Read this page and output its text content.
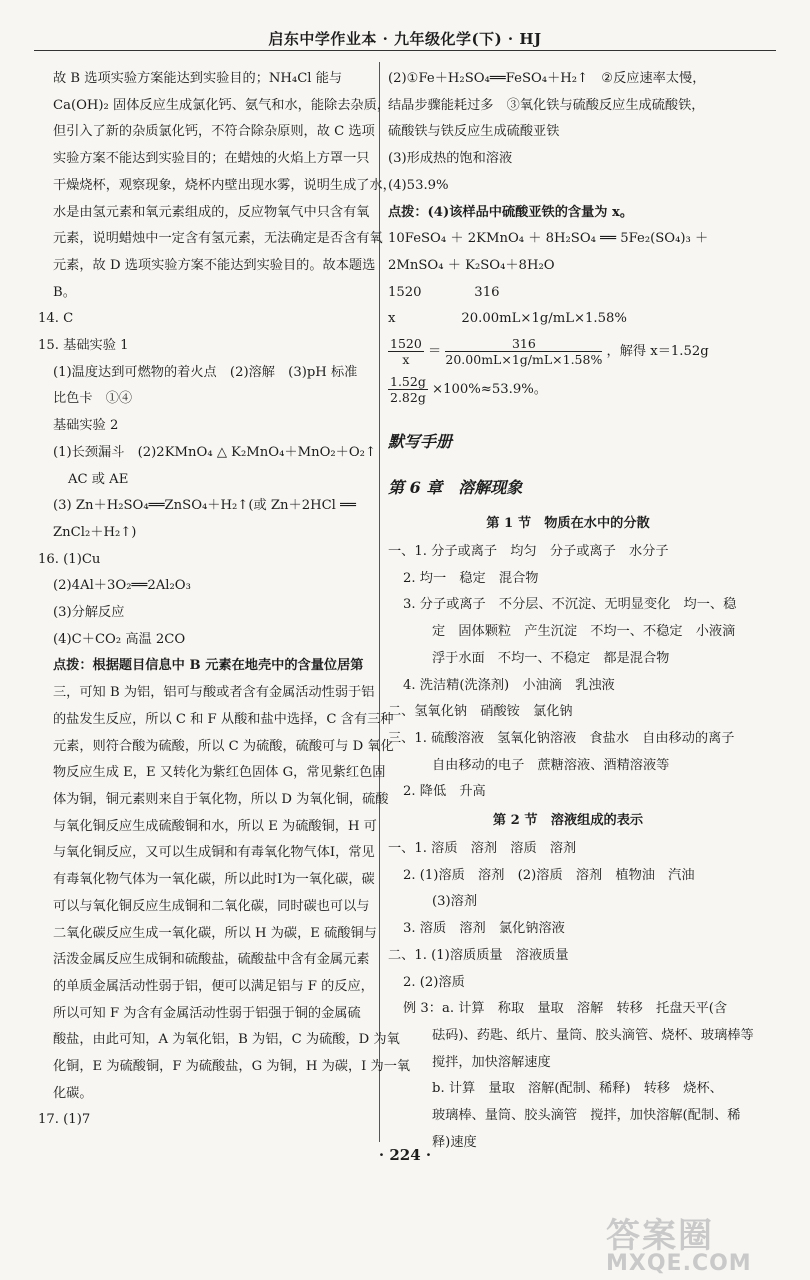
启东中学作业本 · 九年级化学(下) · HJ
故 B 选项实验方案能达到实验目的；NH₄Cl 能与
Ca(OH)₂ 固体反应生成氯化钙、氨气和水，能除去杂质，
但引入了新的杂质氯化钙，不符合除杂原则，故 C 选项
实验方案不能达到实验目的；在蜡烛的火焰上方罩一只
干燥烧杯，观察现象，烧杯内壁出现水雾，说明生成了水，
水是由氢元素和氧元素组成的，反应物氧气中只含有氧
元素，说明蜡烛中一定含有氢元素，无法确定是否含有氧
元素，故 D 选项实验方案不能达到实验目的。故本题选
B。
14. C
15. 基础实验 1
(1)温度达到可燃物的着火点　(2)溶解　(3)pH 标准
比色卡　①④
基础实验 2
(1)长颈漏斗　(2)2KMnO₄ △ K₂MnO₄＋MnO₂＋O₂↑
AC 或 AE
(3) Zn＋H₂SO₄══ZnSO₄＋H₂↑(或 Zn＋2HCl ══
ZnCl₂＋H₂↑)
16. (1)Cu
(2)4Al＋3O₂══2Al₂O₃
(3)分解反应
(4)C＋CO₂ 高温 2CO
点拨：根据题目信息中 B 元素在地壳中的含量位居第
三，可知 B 为铝，铝可与酸或者含有金属活动性弱于铝
的盐发生反应，所以 C 和 F 从酸和盐中选择，C 含有三种
元素，则符合酸为硫酸，所以 C 为硫酸，硫酸可与 D 氧化
物反应生成 E，E 又转化为紫红色固体 G，常见紫红色固
体为铜，铜元素则来自于氧化物，所以 D 为氧化铜，硫酸
与氧化铜反应生成硫酸铜和水，所以 E 为硫酸铜，H 可
与氧化铜反应，又可以生成铜和有毒氧化物气体Ⅰ，常见
有毒氧化物气体为一氧化碳，所以此时Ⅰ为一氧化碳，碳
可以与氧化铜反应生成铜和二氧化碳，同时碳也可以与
二氧化碳反应生成一氧化碳，所以 H 为碳，E 硫酸铜与
活泼金属反应生成铜和硫酸盐，硫酸盐中含有金属元素
的单质金属活动性弱于铝，便可以满足铝与 F 的反应，
所以可知 F 为含有金属活动性弱于铝强于铜的金属硫
酸盐，由此可知，A 为氧化铝，B 为铝，C 为硫酸，D 为氧
化铜，E 为硫酸铜，F 为硫酸盐，G 为铜，H 为碳，I 为一氧
化碳。
17. (1)7
(2)①Fe＋H₂SO₄══FeSO₄＋H₂↑　②反应速率太慢，
结晶步骤能耗过多　③氧化铁与硫酸反应生成硫酸铁，
硫酸铁与铁反应生成硫酸亚铁
(3)形成热的饱和溶液
(4)53.9%
点拨：(4)该样品中硫酸亚铁的含量为 x。
10FeSO₄ ＋ 2KMnO₄ ＋ 8H₂SO₄ ══ 5Fe₂(SO₄)₃ ＋
2MnSO₄ ＋ K₂SO₄＋8H₂O
1520　　　　316
x　　　　　20.00mL×1g/mL×1.58%
$\frac{1520}{x} = \frac{316}{20.00mL\times 1g/mL\times 1.58\%}$ ，解得 x＝1.52g
$\frac{1.52g}{2.82g} \times 100\%\approx 53.9\%$。
默写手册
第 6 章　溶解现象
第 1 节　物质在水中的分散
一、1. 分子或离子　均匀　分子或离子　水分子
2. 均一　稳定　混合物
3. 分子或离子　不分层、不沉淀、无明显变化　均一、稳
定　固体颗粒　产生沉淀　不均一、不稳定　小液滴
浮于水面　不均一、不稳定　都是混合物
4. 洗洁精(洗涤剂)　小油滴　乳浊液
二、氢氧化钠　硝酸铵　氯化钠
三、1. 硫酸溶液　氢氧化钠溶液　食盐水　自由移动的离子
自由移动的电子　蔗糖溶液、酒精溶液等
2. 降低　升高
第 2 节　溶液组成的表示
一、1. 溶质　溶剂　溶质　溶剂
2. (1)溶质　溶剂　(2)溶质　溶剂　植物油　汽油
(3)溶剂
3. 溶质　溶剂　氯化钠溶液
二、1. (1)溶质质量　溶液质量
2. (2)溶质
例 3：a. 计算　称取　量取　溶解　转移　托盘天平(含
砝码)、药匙、纸片、量筒、胶头滴管、烧杯、玻璃棒等
搅拌，加快溶解速度
b. 计算　量取　溶解(配制、稀释)　转移　烧杯、
玻璃棒、量筒、胶头滴管　搅拌，加快溶解(配制、稀
释)速度
· 224 ·
答案圈
MXQE.COM
